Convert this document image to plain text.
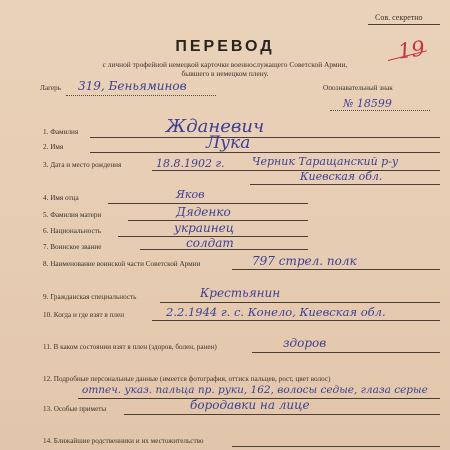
Сов. секретно
19
ПЕРЕВОД
с личной трофейной немецкой карточки военнослужащего Советской Армии,
бывшего в немецком плену.
Лагерь 319, Беньяминов	Опознавательный знак
№ 18599
1. Фамилия	Жданевич
2. Имя	Лука
3. Дата и место рождения	18.8.1902 г. Черник Таращанский р-у
Киевская обл.
4. Имя отца	Яков
5. Фамилия матери	Дяденко
6. Национальность	украинец
7. Воинское звание	солдат
8. Наименование воинской части Советской Армии	797 стрел. полк
9. Гражданская специальность	Крестьянин
10. Когда и где взят в плен	2.2.1944 г. с. Конело, Киевская обл.
11. В каком состоянии взят в плен (здоров, болен, ранен)	здоров
12. Подробные персональные данные (имеется фотография, оттиск пальцев, рост, цвет волос)
отпеч. указ. пальца пр. руки, 162, волосы седые, глаза серые
13. Особые приметы	бородавки на лице
14. Ближайшие родственники и их местожительство
